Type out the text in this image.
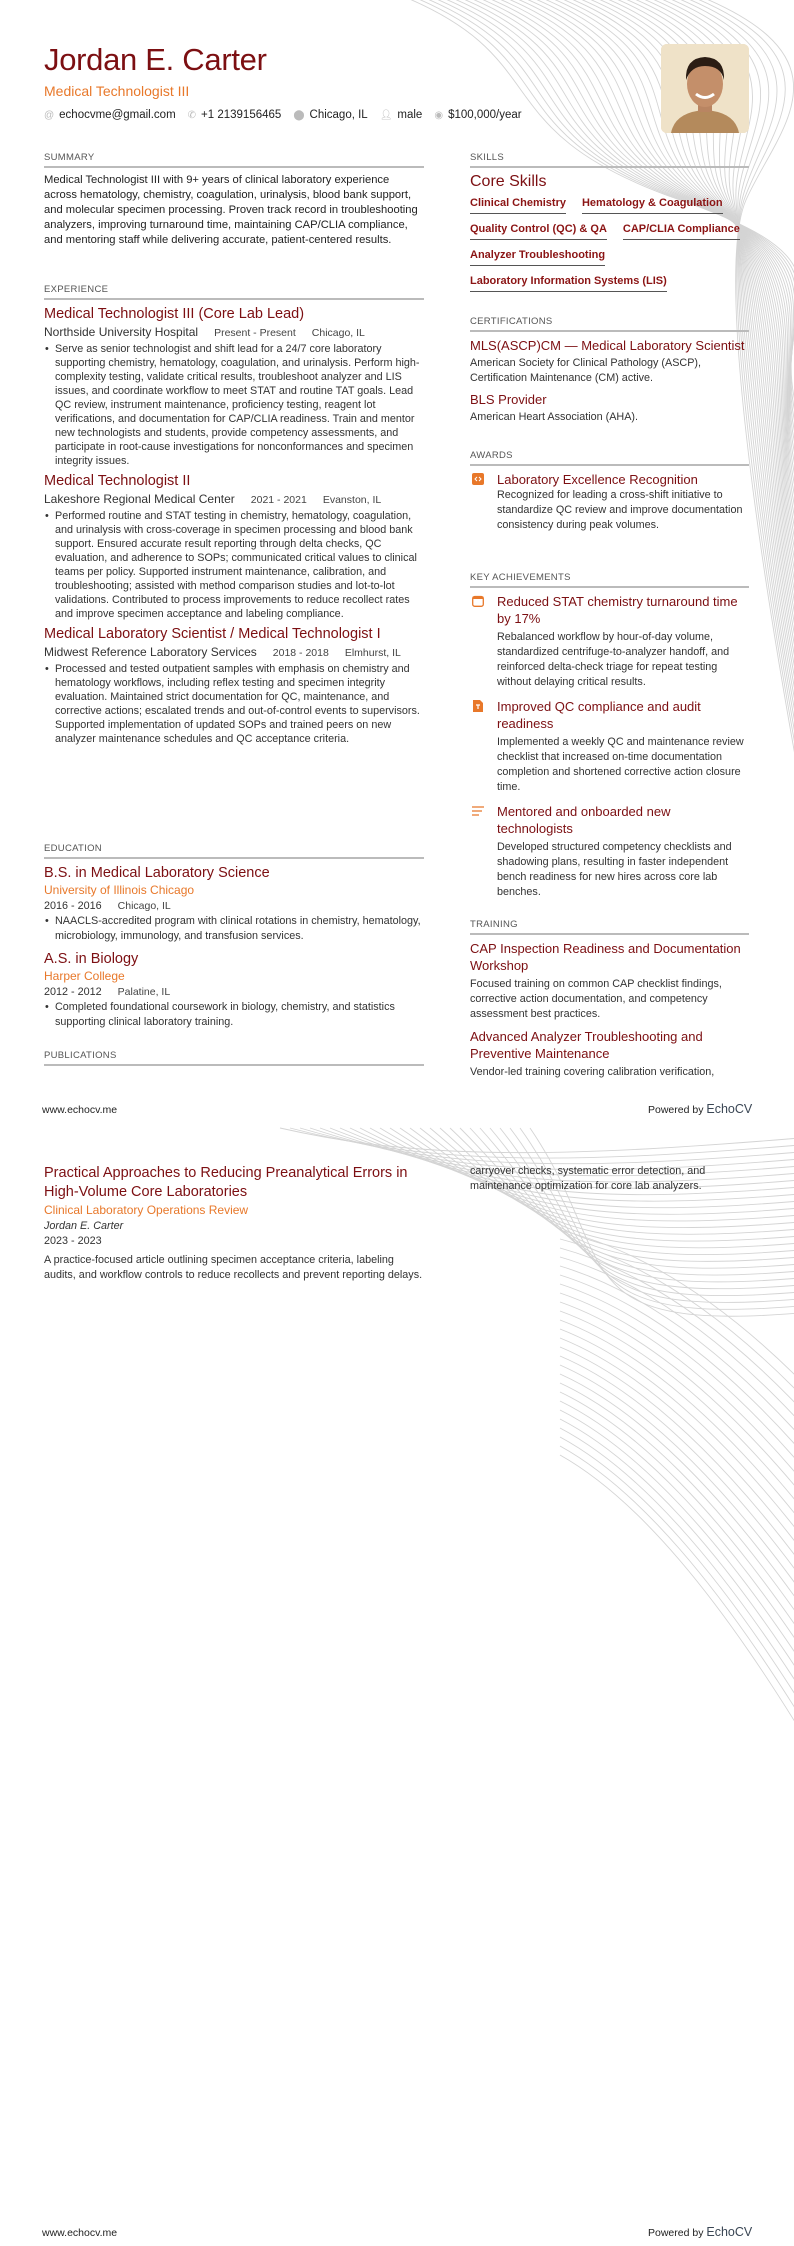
Jordan E. Carter
Medical Technologist III
@ echocvme@gmail.com ✆ +1 2139156465 ⬤ Chicago, IL 👤︎ male ◉ $100,000/year
SUMMARY
Medical Technologist III with 9+ years of clinical laboratory experience across hematology, chemistry, coagulation, urinalysis, blood bank support, and molecular specimen processing. Proven track record in troubleshooting analyzers, improving turnaround time, maintaining CAP/CLIA compliance, and mentoring staff while delivering accurate, patient-centered results.
EXPERIENCE
Medical Technologist III (Core Lab Lead)
Northside University Hospital Present - Present Chicago, IL
• Serve as senior technologist and shift lead for a 24/7 core laboratory supporting chemistry, hematology, coagulation, and urinalysis. Perform high-complexity testing, validate critical results, troubleshoot analyzer and LIS issues, and coordinate workflow to meet STAT and routine TAT goals. Lead QC review, instrument maintenance, proficiency testing, reagent lot verifications, and documentation for CAP/CLIA readiness. Train and mentor new technologists and students, provide competency assessments, and participate in root-cause investigations for nonconformances and specimen integrity issues.
Medical Technologist II
Lakeshore Regional Medical Center 2021 - 2021 Evanston, IL
• Performed routine and STAT testing in chemistry, hematology, coagulation, and urinalysis with cross-coverage in specimen processing and blood bank support. Ensured accurate result reporting through delta checks, QC evaluation, and adherence to SOPs; communicated critical values to clinical teams per policy. Supported instrument maintenance, calibration, and troubleshooting; assisted with method comparison studies and lot-to-lot validations. Contributed to process improvements to reduce recollect rates and improve specimen acceptance and labeling compliance.
Medical Laboratory Scientist / Medical Technologist I
Midwest Reference Laboratory Services 2018 - 2018 Elmhurst, IL
• Processed and tested outpatient samples with emphasis on chemistry and hematology workflows, including reflex testing and specimen integrity evaluation. Maintained strict documentation for QC, maintenance, and corrective actions; escalated trends and out-of-control events to supervisors. Supported implementation of updated SOPs and trained peers on new analyzer maintenance schedules and QC acceptance criteria.
EDUCATION
B.S. in Medical Laboratory Science
University of Illinois Chicago
2016 - 2016 Chicago, IL
• NAACLS-accredited program with clinical rotations in chemistry, hematology, microbiology, immunology, and transfusion services.
A.S. in Biology
Harper College
2012 - 2012 Palatine, IL
• Completed foundational coursework in biology, chemistry, and statistics supporting clinical laboratory training.
PUBLICATIONS
SKILLS
Core Skills
Clinical Chemistry Hematology & Coagulation
Quality Control (QC) & QA CAP/CLIA Compliance
Analyzer Troubleshooting
Laboratory Information Systems (LIS)
CERTIFICATIONS
MLS(ASCP)CM — Medical Laboratory Scientist
American Society for Clinical Pathology (ASCP), Certification Maintenance (CM) active.
BLS Provider
American Heart Association (AHA).
AWARDS
Laboratory Excellence Recognition
Recognized for leading a cross-shift initiative to standardize QC review and improve documentation consistency during peak volumes.
KEY ACHIEVEMENTS
Reduced STAT chemistry turnaround time by 17%
Rebalanced workflow by hour-of-day volume, standardized centrifuge-to-analyzer handoff, and reinforced delta-check triage for repeat testing without delaying critical results.
Improved QC compliance and audit readiness
Implemented a weekly QC and maintenance review checklist that increased on-time documentation completion and shortened corrective action closure time.
Mentored and onboarded new technologists
Developed structured competency checklists and shadowing plans, resulting in faster independent bench readiness for new hires across core lab benches.
TRAINING
CAP Inspection Readiness and Documentation Workshop
Focused training on common CAP checklist findings, corrective action documentation, and competency assessment best practices.
Advanced Analyzer Troubleshooting and Preventive Maintenance
Vendor-led training covering calibration verification,
www.echocv.me	Powered by EchoCV
Practical Approaches to Reducing Preanalytical Errors in High-Volume Core Laboratories
Clinical Laboratory Operations Review
Jordan E. Carter
2023 - 2023
A practice-focused article outlining specimen acceptance criteria, labeling audits, and workflow controls to reduce recollects and prevent reporting delays.
carryover checks, systematic error detection, and maintenance optimization for core lab analyzers.
www.echocv.me	Powered by EchoCV
